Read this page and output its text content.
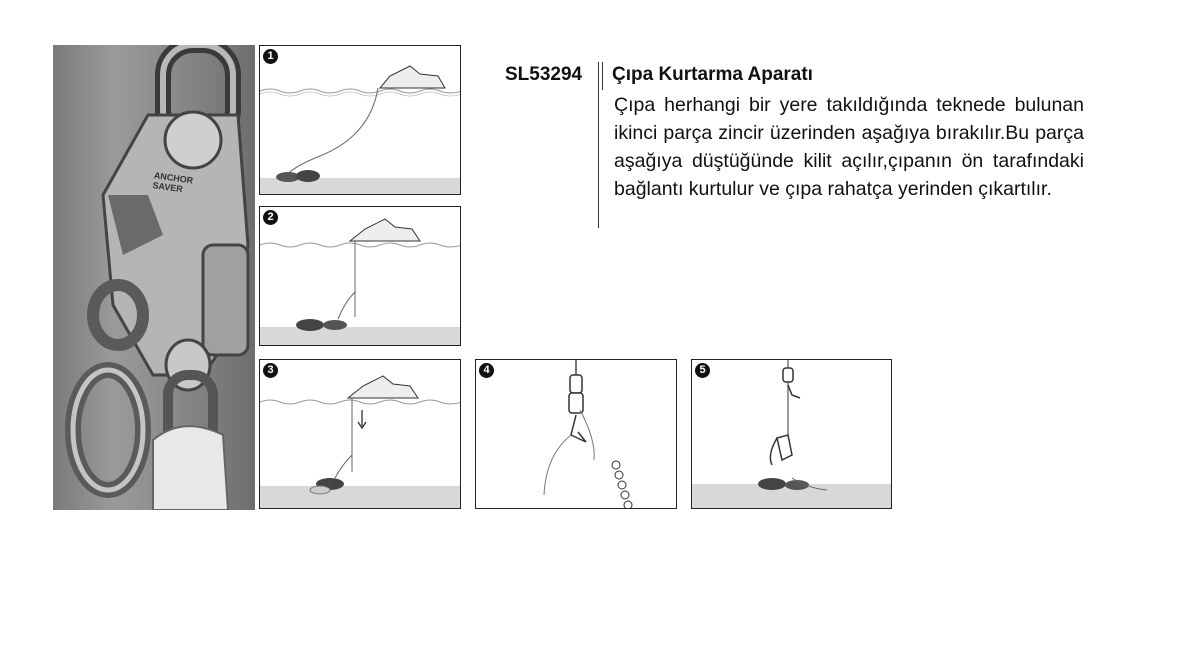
ANCHOR SAVER
1
2
3	4	5
SL53294 Çıpa Kurtarma Aparatı
Çıpa herhangi bir yere takıldığında teknede bulunan ikinci parça zincir üzerinden aşağıya bırakılır.Bu parça aşağıya düştüğünde kilit açılır,çıpanın ön tarafındaki bağlantı kurtulur ve çıpa rahatça yerinden çıkartılır.
